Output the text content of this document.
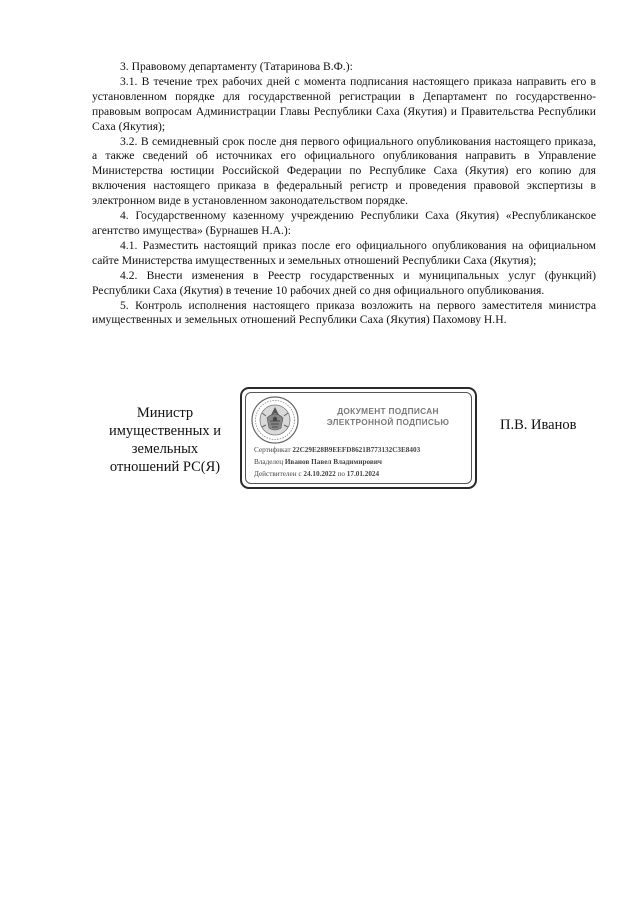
3. Правовому департаменту (Татаринова В.Ф.):

3.1. В течение трех рабочих дней с момента подписания настоящего приказа направить его в установленном порядке для государственной регистрации в Департамент по государственно-правовым вопросам Администрации Главы Республики Саха (Якутия) и Правительства Республики Саха (Якутия);

3.2. В семидневный срок после дня первого официального опубликования настоящего приказа, а также сведений об источниках его официального опубликования направить в Управление Министерства юстиции Российской Федерации по Республике Саха (Якутия) его копию для включения настоящего приказа в федеральный регистр и проведения правовой экспертизы в электронном виде в установленном законодательством порядке.

4. Государственному казенному учреждению Республики Саха (Якутия) «Республиканское агентство имущества» (Бурнашев Н.А.):

4.1. Разместить настоящий приказ после его официального опубликования на официальном сайте Министерства имущественных и земельных отношений Республики Саха (Якутия);

4.2. Внести изменения в Реестр государственных и муниципальных услуг (функций) Республики Саха (Якутия) в течение 10 рабочих дней со дня официального опубликования.

5. Контроль исполнения настоящего приказа возложить на первого заместителя министра имущественных и земельных отношений Республики Саха (Якутия) Пахомову Н.Н.

Министр имущественных и земельных отношений РС(Я)
П.В. Иванов
ДОКУМЕНТ ПОДПИСАН ЭЛЕКТРОННОЙ ПОДПИСЬЮ
Сертификат 22C29E28B9EEFD8621B773132C3E8403
Владелец Иванов Павел Владимирович
Действителен с 24.10.2022 по 17.01.2024
